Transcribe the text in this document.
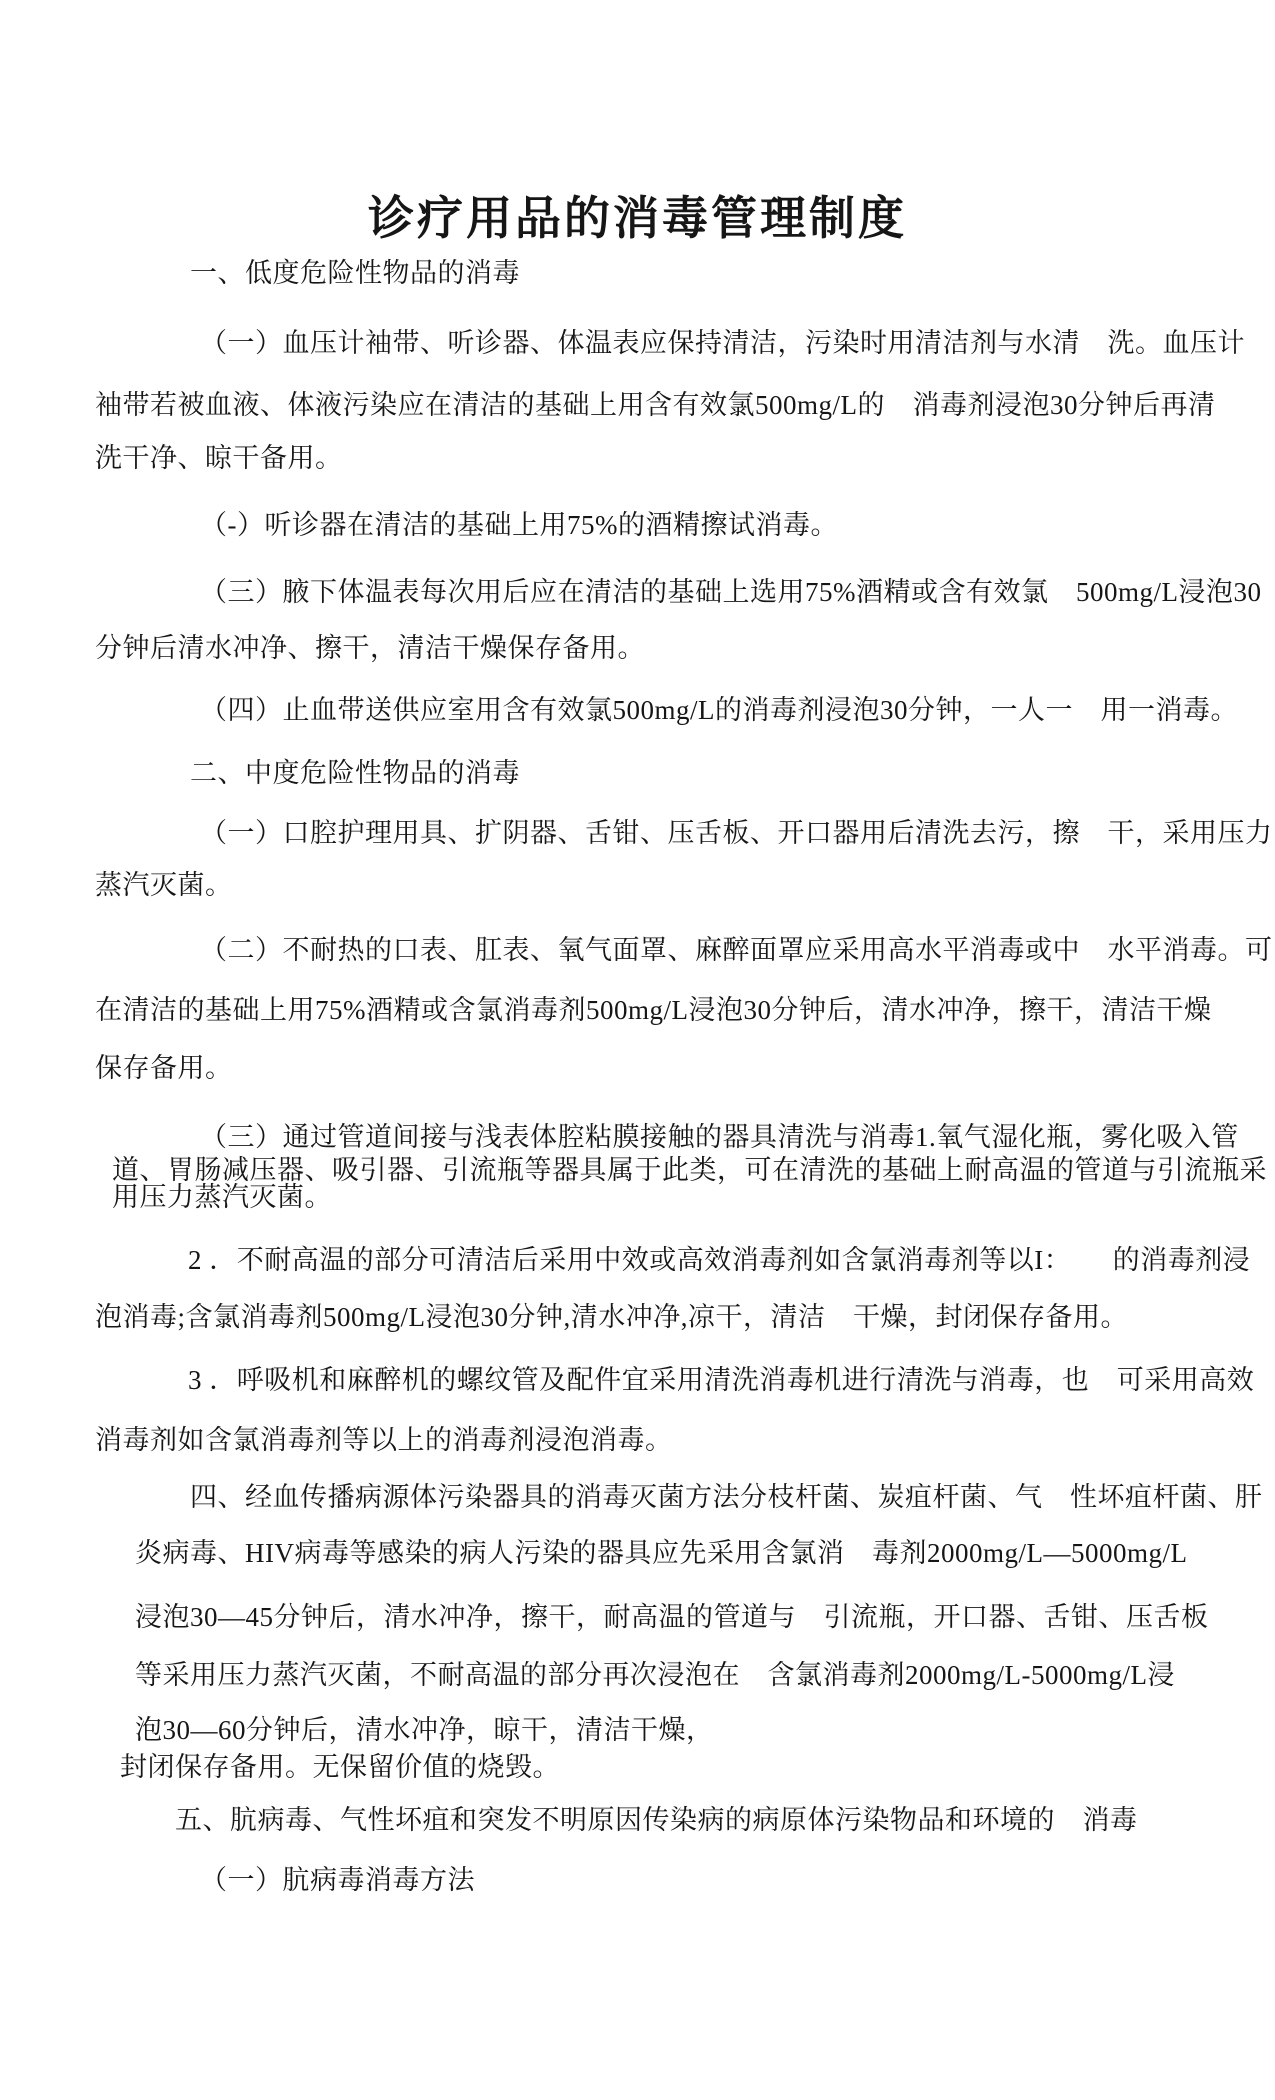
诊疗用品的消毒管理制度
一、低度危险性物品的消毒
（一）血压计袖带、听诊器、体温表应保持清洁，污染时用清洁剂与水清　洗。血压计
袖带若被血液、体液污染应在清洁的基础上用含有效氯500mg/L的　消毒剂浸泡30分钟后再清
洗干净、晾干备用。
（-）听诊器在清洁的基础上用75%的酒精擦试消毒。
（三）腋下体温表每次用后应在清洁的基础上选用75%酒精或含有效氯　500mg/L浸泡30
分钟后清水冲净、擦干，清洁干燥保存备用。
（四）止血带送供应室用含有效氯500mg/L的消毒剂浸泡30分钟，一人一　用一消毒。
二、中度危险性物品的消毒
（一）口腔护理用具、扩阴器、舌钳、压舌板、开口器用后清洗去污，擦　干，采用压力
蒸汽灭菌。
（二）不耐热的口表、肛表、氧气面罩、麻醉面罩应采用高水平消毒或中　水平消毒。可
在清洁的基础上用75%酒精或含氯消毒剂500mg/L浸泡30分钟后，清水冲净，擦干，清洁干燥
保存备用。
（三）通过管道间接与浅表体腔粘膜接触的器具清洗与消毒1.氧气湿化瓶，雾化吸入管
道、胃肠减压器、吸引器、引流瓶等器具属于此类，可在清洗的基础上耐高温的管道与引流瓶采
用压力蒸汽灭菌。
2 ．不耐高温的部分可清洁后采用中效或高效消毒剂如含氯消毒剂等以I：　　的消毒剂浸
泡消毒;含氯消毒剂500mg/L浸泡30分钟,清水冲净,凉干，清洁　干燥，封闭保存备用。
3 ．呼吸机和麻醉机的螺纹管及配件宜采用清洗消毒机进行清洗与消毒，也　可采用高效
消毒剂如含氯消毒剂等以上的消毒剂浸泡消毒。
四、经血传播病源体污染器具的消毒灭菌方法分枝杆菌、炭疽杆菌、气　性坏疽杆菌、肝
炎病毒、HIV病毒等感染的病人污染的器具应先采用含氯消　毒剂2000mg/L—5000mg/L
浸泡30—45分钟后，清水冲净，擦干，耐高温的管道与　引流瓶，开口器、舌钳、压舌板
等采用压力蒸汽灭菌，不耐高温的部分再次浸泡在　含氯消毒剂2000mg/L-5000mg/L浸
泡30—60分钟后，清水冲净，晾干，清洁干燥，
封闭保存备用。无保留价值的烧毁。
五、肮病毒、气性坏疽和突发不明原因传染病的病原体污染物品和环境的　消毒
（一）肮病毒消毒方法
